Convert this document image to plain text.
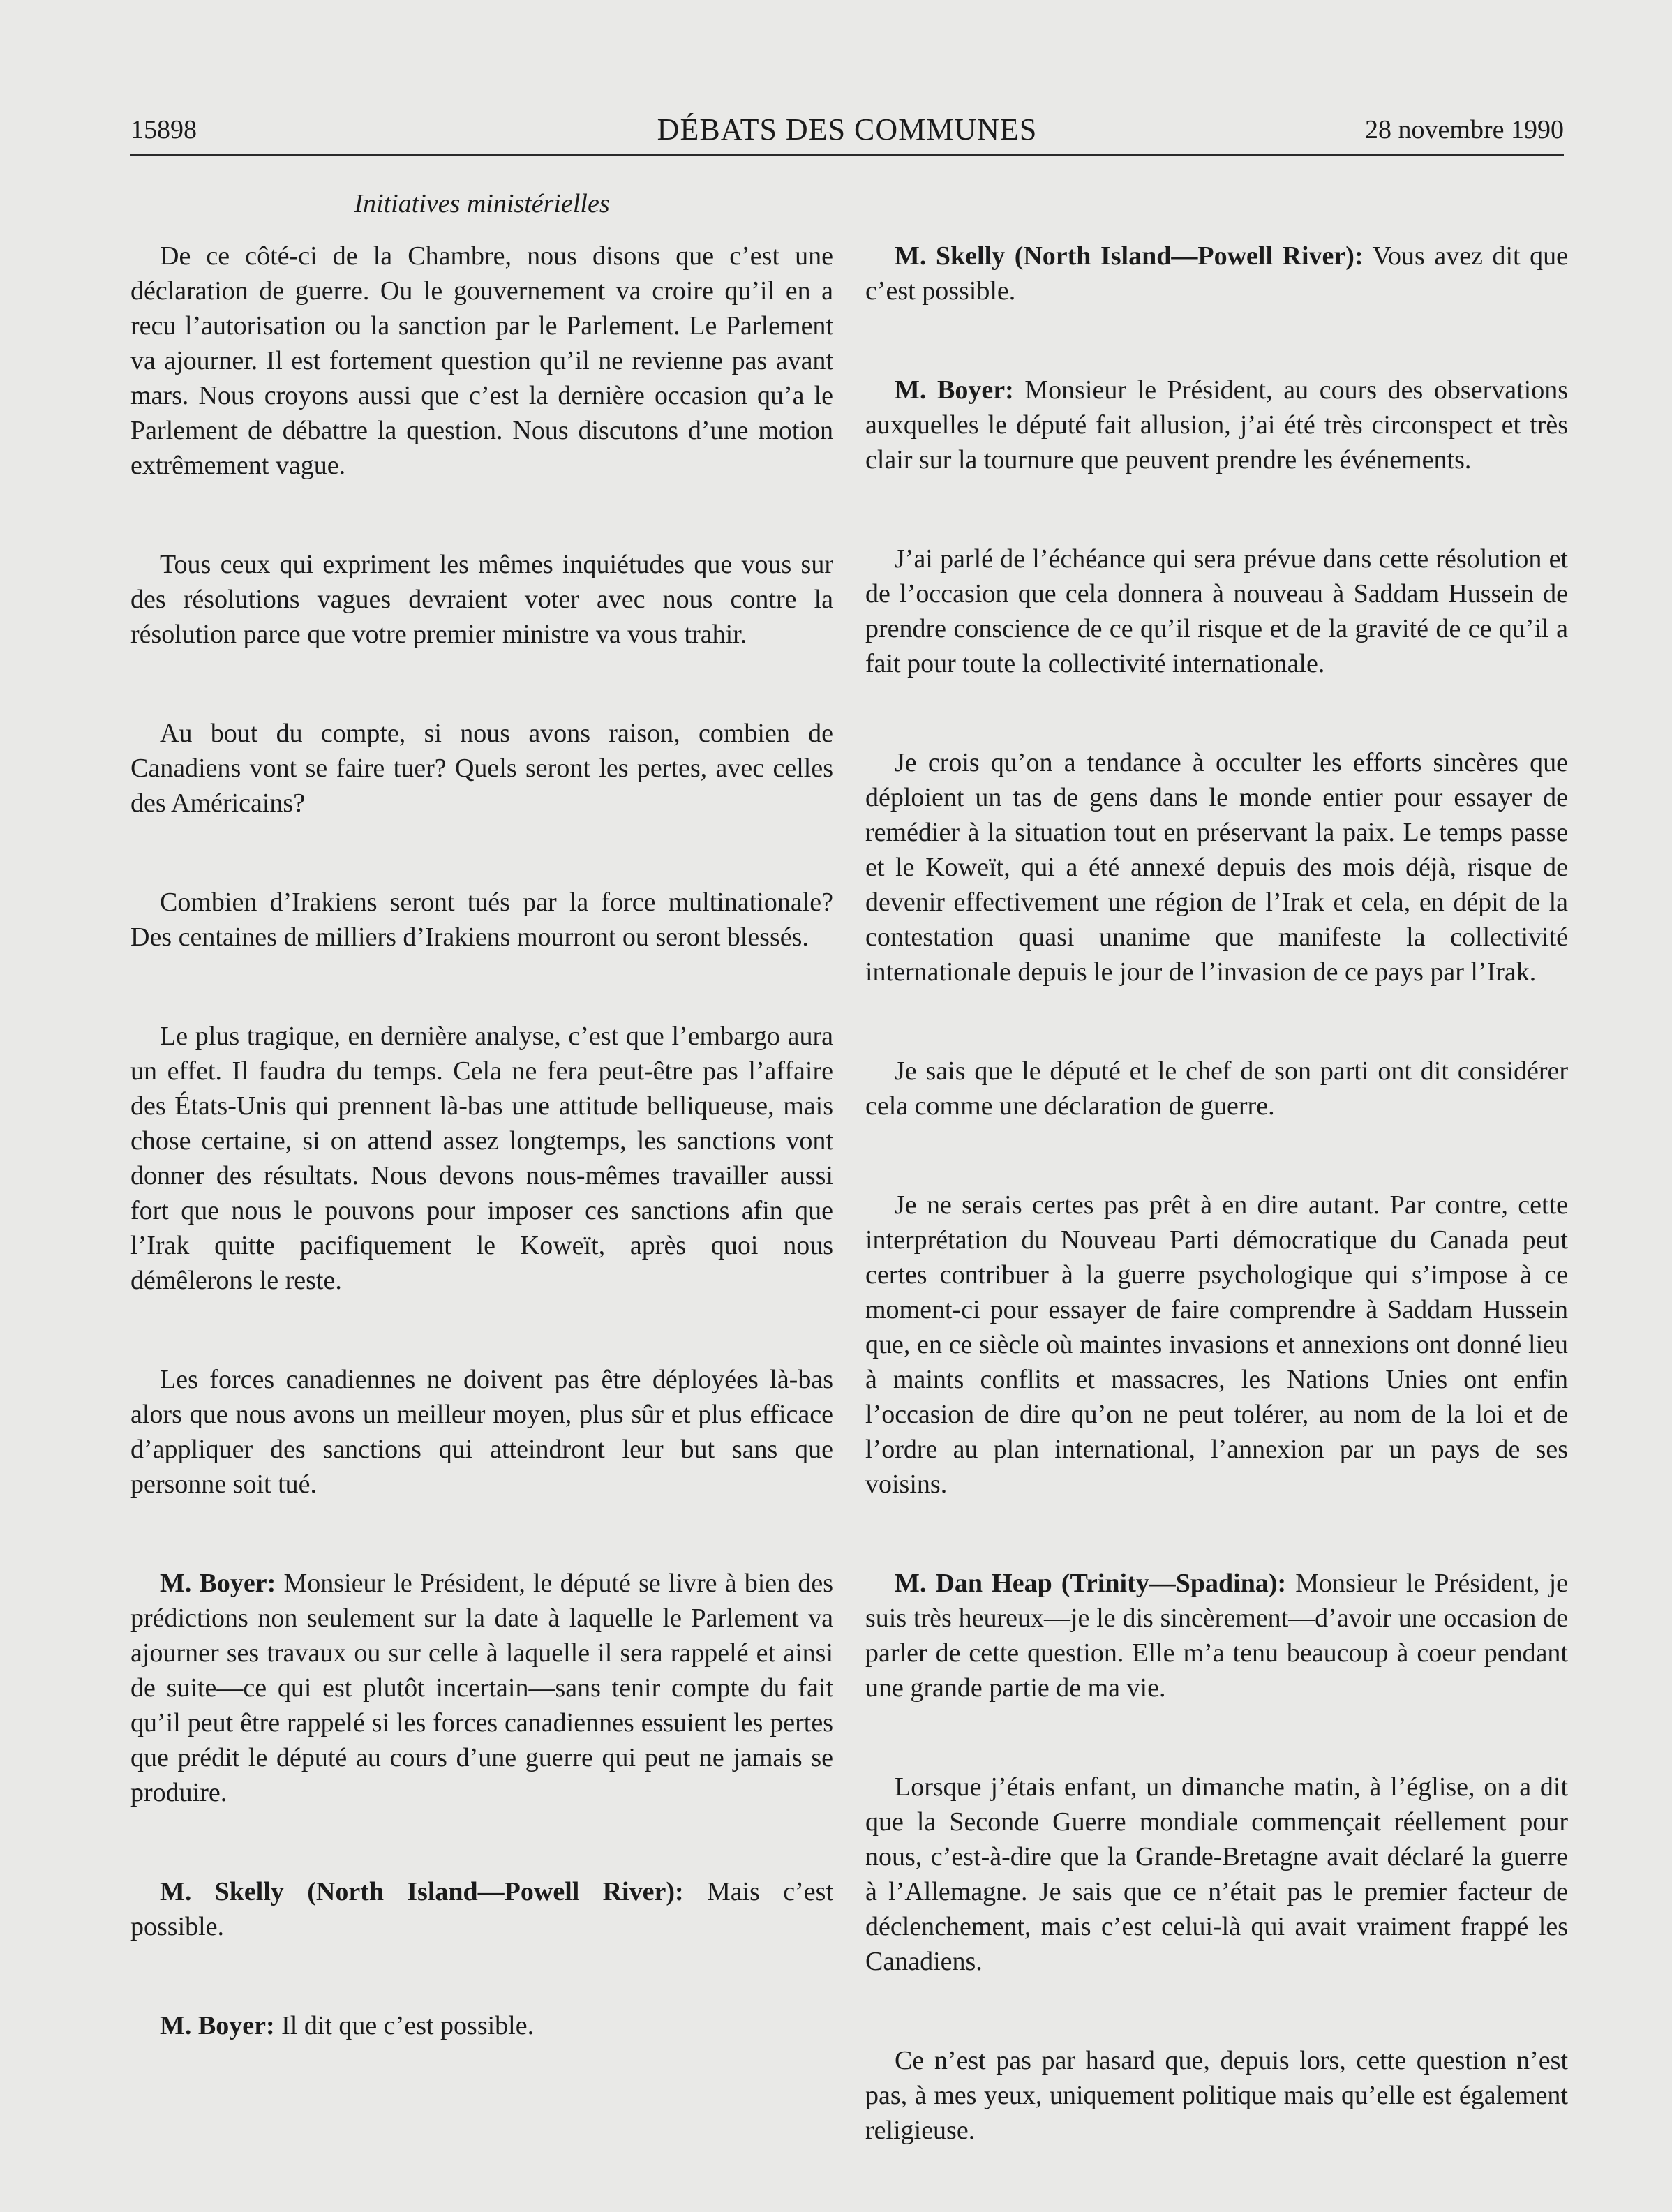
15898	DÉBATS DES COMMUNES	28 novembre 1990
Initiatives ministérielles

De ce côté-ci de la Chambre, nous disons que c’est une déclaration de guerre. Ou le gouvernement va croire qu’il en a recu l’autorisation ou la sanction par le Parlement. Le Parlement va ajourner. Il est fortement question qu’il ne revienne pas avant mars. Nous croyons aussi que c’est la dernière occasion qu’a le Parlement de débattre la question. Nous discutons d’une motion extrêmement vague.

Tous ceux qui expriment les mêmes inquiétudes que vous sur des résolutions vagues devraient voter avec nous contre la résolution parce que votre premier ministre va vous trahir.

Au bout du compte, si nous avons raison, combien de Canadiens vont se faire tuer? Quels seront les pertes, avec celles des Américains?

Combien d’Irakiens seront tués par la force multinationale? Des centaines de milliers d’Irakiens mourront ou seront blessés.

Le plus tragique, en dernière analyse, c’est que l’embargo aura un effet. Il faudra du temps. Cela ne fera peut-être pas l’affaire des États-Unis qui prennent là-bas une attitude belliqueuse, mais chose certaine, si on attend assez longtemps, les sanctions vont donner des résultats. Nous devons nous-mêmes travailler aussi fort que nous le pouvons pour imposer ces sanctions afin que l’Irak quitte pacifiquement le Koweït, après quoi nous démêlerons le reste.

Les forces canadiennes ne doivent pas être déployées là-bas alors que nous avons un meilleur moyen, plus sûr et plus efficace d’appliquer des sanctions qui atteindront leur but sans que personne soit tué.

M. Boyer: Monsieur le Président, le député se livre à bien des prédictions non seulement sur la date à laquelle le Parlement va ajourner ses travaux ou sur celle à laquelle il sera rappelé et ainsi de suite—ce qui est plutôt incertain—sans tenir compte du fait qu’il peut être rappelé si les forces canadiennes essuient les pertes que prédit le député au cours d’une guerre qui peut ne jamais se produire.

M. Skelly (North Island—Powell River): Mais c’est possible.

M. Boyer: Il dit que c’est possible.

M. Skelly (North Island—Powell River): Vous avez dit que c’est possible.

M. Boyer: Monsieur le Président, au cours des observations auxquelles le député fait allusion, j’ai été très circonspect et très clair sur la tournure que peuvent prendre les événements.

J’ai parlé de l’échéance qui sera prévue dans cette résolution et de l’occasion que cela donnera à nouveau à Saddam Hussein de prendre conscience de ce qu’il risque et de la gravité de ce qu’il a fait pour toute la collectivité internationale.

Je crois qu’on a tendance à occulter les efforts sincères que déploient un tas de gens dans le monde entier pour essayer de remédier à la situation tout en préservant la paix. Le temps passe et le Koweït, qui a été annexé depuis des mois déjà, risque de devenir effectivement une région de l’Irak et cela, en dépit de la contestation quasi unanime que manifeste la collectivité internationale depuis le jour de l’invasion de ce pays par l’Irak.

Je sais que le député et le chef de son parti ont dit considérer cela comme une déclaration de guerre.

Je ne serais certes pas prêt à en dire autant. Par contre, cette interprétation du Nouveau Parti démocratique du Canada peut certes contribuer à la guerre psychologique qui s’impose à ce moment-ci pour essayer de faire comprendre à Saddam Hussein que, en ce siècle où maintes invasions et annexions ont donné lieu à maints conflits et massacres, les Nations Unies ont enfin l’occasion de dire qu’on ne peut tolérer, au nom de la loi et de l’ordre au plan international, l’annexion par un pays de ses voisins.

M. Dan Heap (Trinity—Spadina): Monsieur le Président, je suis très heureux—je le dis sincèrement—d’avoir une occasion de parler de cette question. Elle m’a tenu beaucoup à coeur pendant une grande partie de ma vie.

Lorsque j’étais enfant, un dimanche matin, à l’église, on a dit que la Seconde Guerre mondiale commençait réellement pour nous, c’est-à-dire que la Grande-Bretagne avait déclaré la guerre à l’Allemagne. Je sais que ce n’était pas le premier facteur de déclenchement, mais c’est celui-là qui avait vraiment frappé les Canadiens.

Ce n’est pas par hasard que, depuis lors, cette question n’est pas, à mes yeux, uniquement politique mais qu’elle est également religieuse.
